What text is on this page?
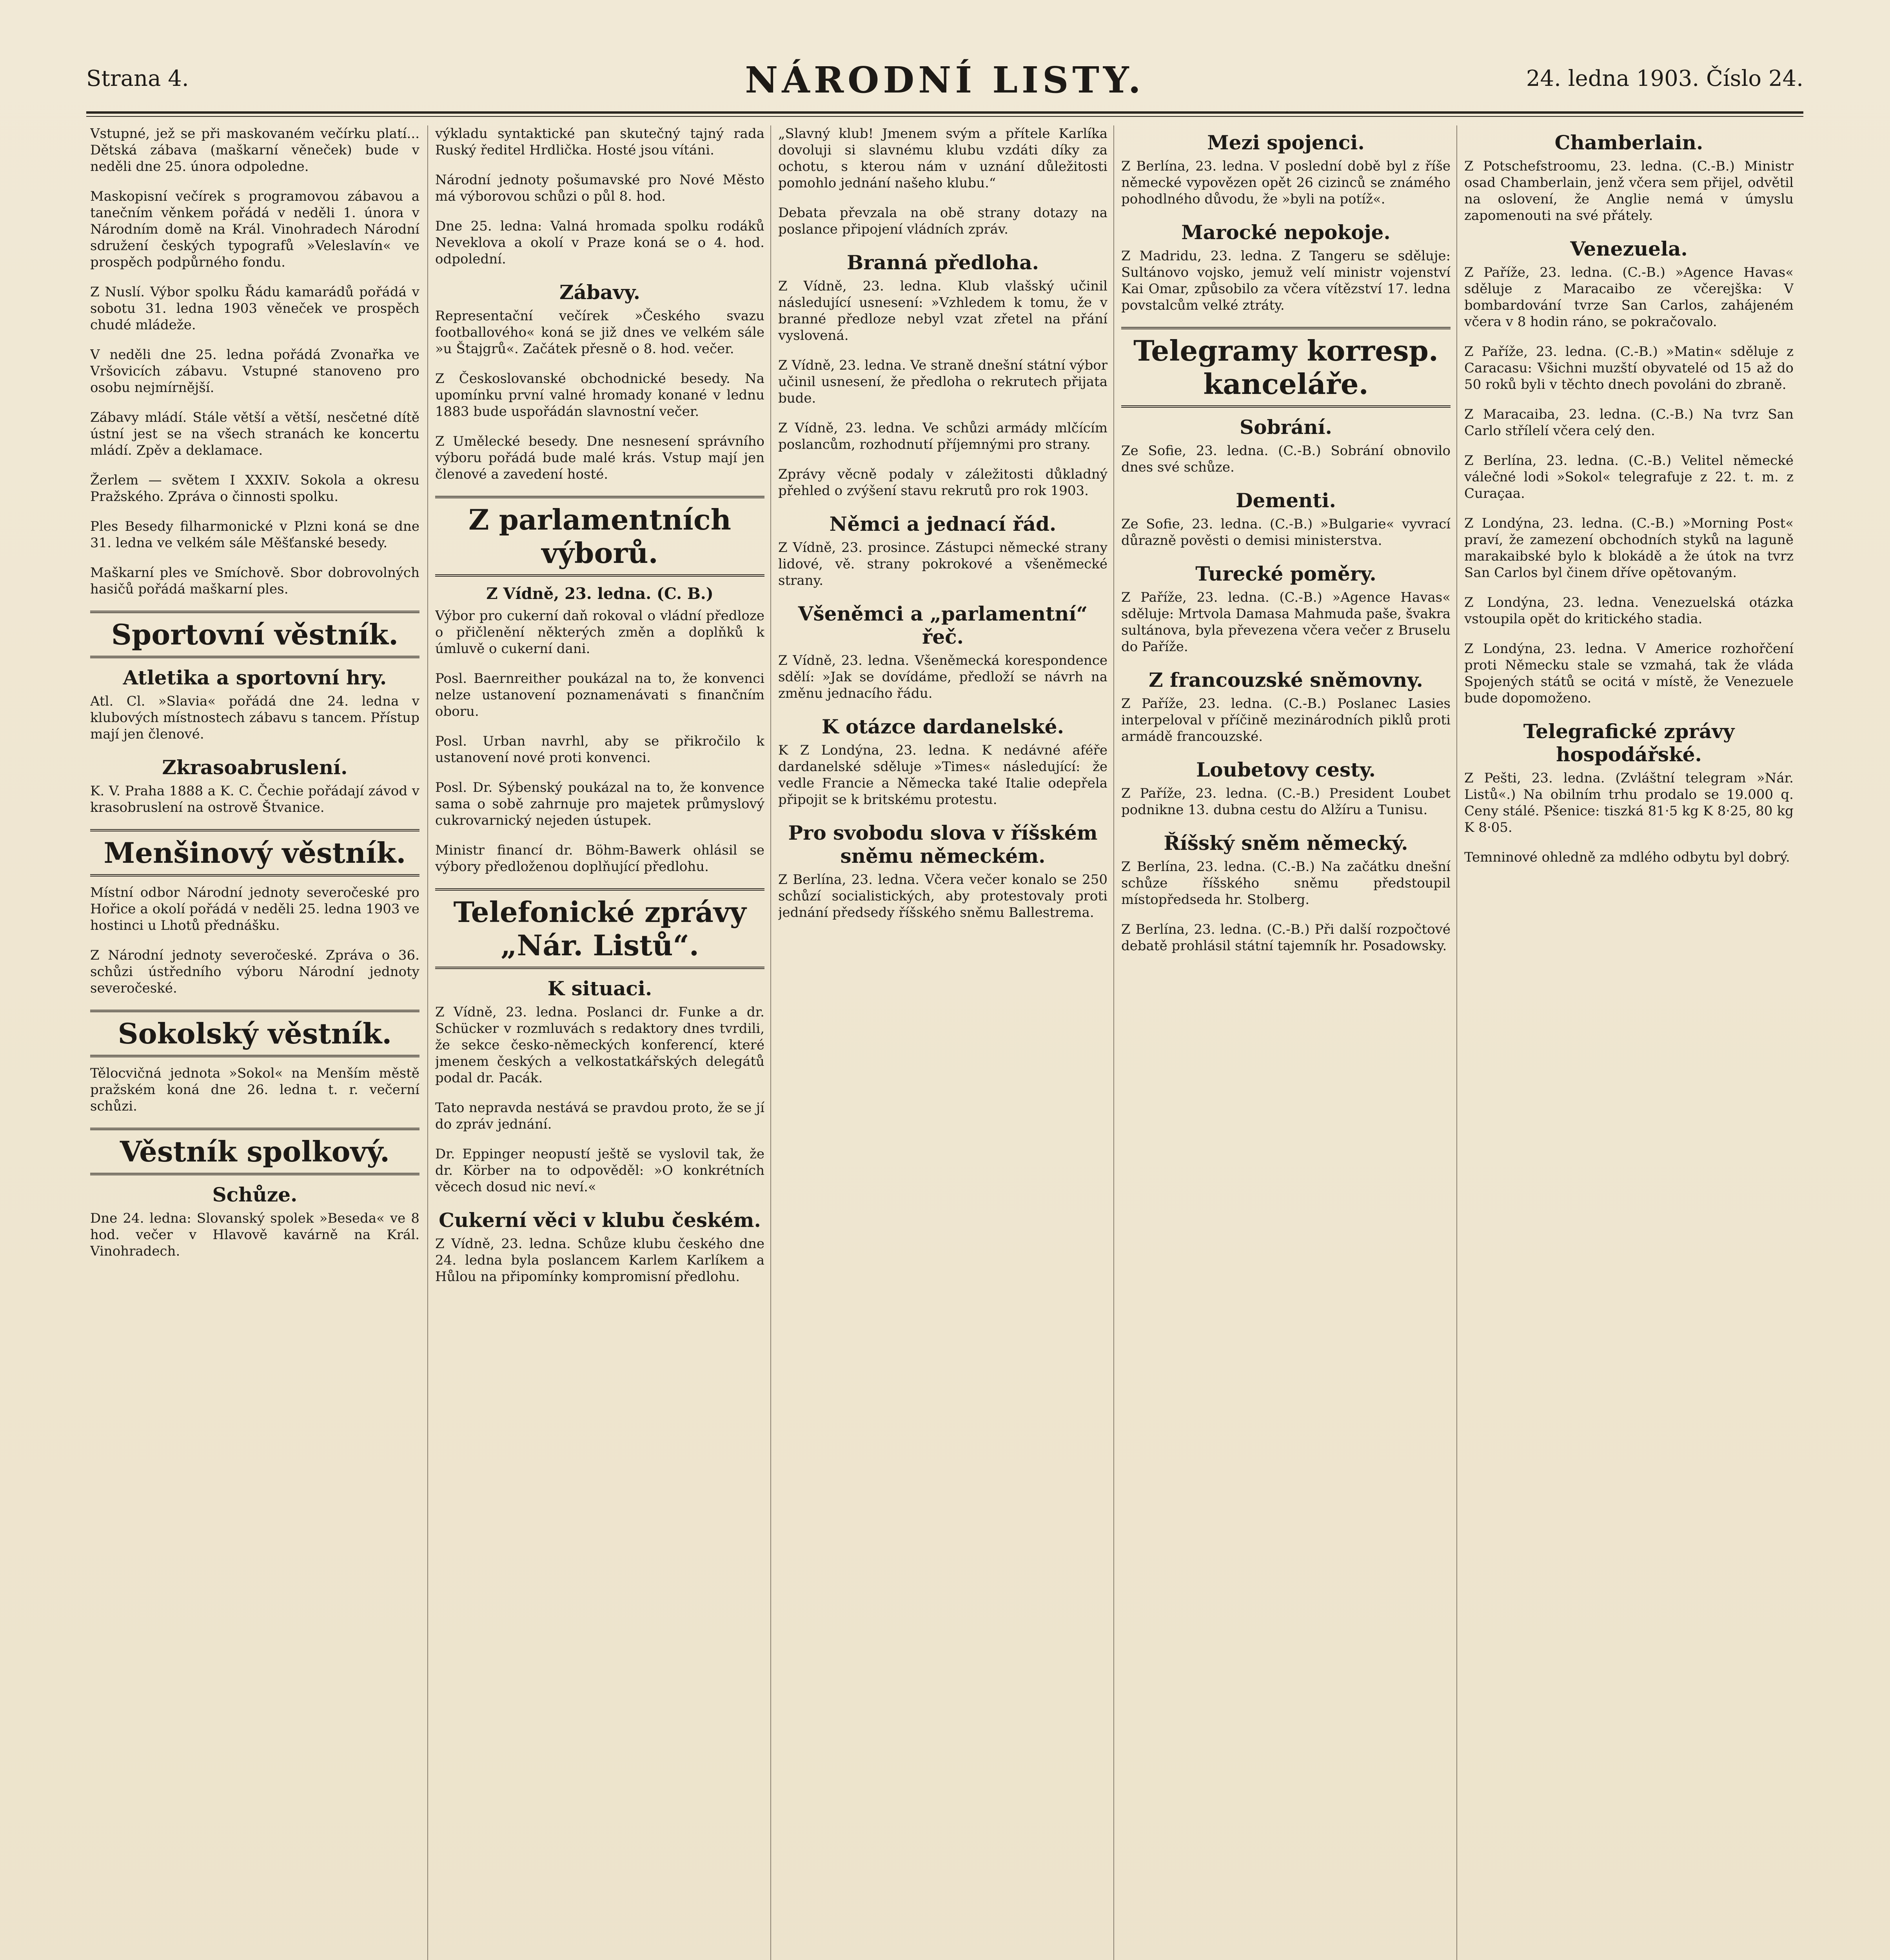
Strana 4.	NÁRODNÍ LISTY.	24. ledna 1903. Číslo 24.
Vstupné, jež se při maskovaném večírku platí... Dětská zábava (maškarní věneček) bude v neděli dne 25. února odpoledne.
Maskopisní večírek s programovou zábavou a tanečním věnkem pořádá v neděli 1. února v Národním domě na Král. Vinohradech Národní sdružení českých typografů »Veleslavín« ve prospěch podpůrného fondu.
Z Nuslí. Výbor spolku Řádu kamarádů pořádá v sobotu 31. ledna 1903 věneček ve prospěch chudé mládeže.
V neděli dne 25. ledna pořádá Zvonařka ve Vršovicích zábavu. Vstupné stanoveno pro osobu nejmírnější.
Zábavy mládí. Stále větší a větší, nesčetné dítě ústní jest se na všech stranách ke koncertu mládí. Zpěv a deklamace.
Žerlem — světem I XXXIV. Sokola a okresu Pražského. Zpráva o činnosti spolku.
Ples Besedy filharmonické v Plzni koná se dne 31. ledna ve velkém sále Měšťanské besedy.
Maškarní ples ve Smíchově. Sbor dobrovolných hasičů pořádá maškarní ples.
Sportovní věstník.
Atletika a sportovní hry.
Atl. Cl. »Slavia« pořádá dne 24. ledna v klubových místnostech zábavu s tancem. Přístup mají jen členové.
Zkrasoabruslení.
K. V. Praha 1888 a K. C. Čechie pořádají závod v krasobruslení na ostrově Štvanice.
Menšinový věstník.
Místní odbor Národní jednoty severočeské pro Hořice a okolí pořádá v neděli 25. ledna 1903 ve hostinci u Lhotů přednášku.
Z Národní jednoty severočeské. Zpráva o 36. schůzi ústředního výboru Národní jednoty severočeské.
Sokolský věstník.
Tělocvičná jednota »Sokol« na Menším městě pražském koná dne 26. ledna t. r. večerní schůzi.
Věstník spolkový.
Schůze.
Dne 24. ledna: Slovanský spolek »Beseda« ve 8 hod. večer v Hlavově kavárně na Král. Vinohradech.
výkladu syntaktické pan skutečný tajný rada Ruský ředitel Hrdlička. Hosté jsou vítáni.
Národní jednoty pošumavské pro Nové Město má výborovou schůzi o půl 8. hod.
Dne 25. ledna: Valná hromada spolku rodáků Neveklova a okolí v Praze koná se o 4. hod. odpolední.
Zábavy.
Representační večírek »Českého svazu footballového« koná se již dnes ve velkém sále »u Štajgrů«. Začátek přesně o 8. hod. večer.
Z Českoslovanské obchodnické besedy. Na upomínku první valné hromady konané v lednu 1883 bude uspořádán slavnostní večer.
Z Umělecké besedy. Dne nesnesení správního výboru pořádá bude malé krás. Vstup mají jen členové a zavedení hosté.
Z parlamentních výborů.
Z Vídně, 23. ledna. (C. B.)
Výbor pro cukerní daň rokoval o vládní předloze o přičlenění některých změn a doplňků k úmluvě o cukerní dani.
Posl. Baernreither poukázal na to, že konvenci nelze ustanovení poznamenávati s finančním oboru.
Posl. Urban navrhl, aby se přikročilo k ustanovení nové proti konvenci.
Posl. Dr. Sýbenský poukázal na to, že konvence sama o sobě zahrnuje pro majetek průmyslový cukrovarnický nejeden ústupek.
Ministr financí dr. Böhm-Bawerk ohlásil se výbory předloženou doplňující předlohu.
Telefonické zprávy „Nár. Listů“.
K situaci.
Z Vídně, 23. ledna. Poslanci dr. Funke a dr. Schücker v rozmluvách s redaktory dnes tvrdili, že sekce česko-německých konferencí, které jmenem českých a velkostatkářských delegátů podal dr. Pacák.
Tato nepravda nestává se pravdou proto, že se jí do zpráv jednání.
Dr. Eppinger neopustí ještě se vyslovil tak, že dr. Körber na to odpověděl: »O konkrétních věcech dosud nic neví.«
Cukerní věci v klubu českém.
Z Vídně, 23. ledna. Schůze klubu českého dne 24. ledna byla poslancem Karlem Karlíkem a Hůlou na připomínky kompromisní předlohu.
„Slavný klub! Jmenem svým a přítele Karlíka dovoluji si slavnému klubu vzdáti díky za ochotu, s kterou nám v uznání důležitosti pomohlo jednání našeho klubu.“
Debata převzala na obě strany dotazy na poslance připojení vládních zpráv.
Branná předloha.
Z Vídně, 23. ledna. Klub vlašský učinil následující usnesení: »Vzhledem k tomu, že v branné předloze nebyl vzat zřetel na přání vyslovená.
Z Vídně, 23. ledna. Ve straně dnešní státní výbor učinil usnesení, že předloha o rekrutech přijata bude.
Z Vídně, 23. ledna. Ve schůzi armády mlčícím poslancům, rozhodnutí příjemnými pro strany.
Zprávy věcně podaly v záležitosti důkladný přehled o zvýšení stavu rekrutů pro rok 1903.
Němci a jednací řád.
Z Vídně, 23. prosince. Zástupci německé strany lidové, vě. strany pokrokové a všeněmecké strany.
Všeněmci a „parlamentní“ řeč.
Z Vídně, 23. ledna. Všeněmecká korespondence sdělí: »Jak se dovídáme, předloží se návrh na změnu jednacího řádu.
K otázce dardanelské.
K Z Londýna, 23. ledna. K nedávné aféře dardanelské sděluje »Times« následující: že vedle Francie a Německa také Italie odepřela připojit se k britskému protestu.
Pro svobodu slova v říšském sněmu německém.
Z Berlína, 23. ledna. Včera večer konalo se 250 schůzí socialistických, aby protestovaly proti jednání předsedy říšského sněmu Ballestrema.
Mezi spojenci.
Z Berlína, 23. ledna. V poslední době byl z říše německé vypovězen opět 26 cizinců se známého pohodlného důvodu, že »byli na potíž«.
Marocké nepokoje.
Z Madridu, 23. ledna. Z Tangeru se sděluje: Sultánovo vojsko, jemuž velí ministr vojenství Kai Omar, způsobilo za včera vítězství 17. ledna povstalcům velké ztráty.
Telegramy korresp. kanceláře.
Sobrání.
Ze Sofie, 23. ledna. (C.-B.) Sobrání obnovilo dnes své schůze.
Dementi.
Ze Sofie, 23. ledna. (C.-B.) »Bulgarie« vyvrací důrazně pověsti o demisi ministerstva.
Turecké poměry.
Z Paříže, 23. ledna. (C.-B.) »Agence Havas« sděluje: Mrtvola Damasa Mahmuda paše, švakra sultánova, byla převezena včera večer z Bruselu do Paříže.
Z francouzské sněmovny.
Z Paříže, 23. ledna. (C.-B.) Poslanec Lasies interpeloval v příčině mezinárodních piklů proti armádě francouzské.
Loubetovy cesty.
Z Paříže, 23. ledna. (C.-B.) President Loubet podnikne 13. dubna cestu do Alžíru a Tunisu.
Říšský sněm německý.
Z Berlína, 23. ledna. (C.-B.) Na začátku dnešní schůze říšského sněmu předstoupil místopředseda hr. Stolberg.
Z Berlína, 23. ledna. (C.-B.) Při další rozpočtové debatě prohlásil státní tajemník hr. Posadowsky.
Chamberlain.
Z Potschefstroomu, 23. ledna. (C.-B.) Ministr osad Chamberlain, jenž včera sem přijel, odvětil na oslovení, že Anglie nemá v úmyslu zapomenouti na své přátely.
Venezuela.
Z Paříže, 23. ledna. (C.-B.) »Agence Havas« sděluje z Maracaibo ze včerejška: V bombardování tvrze San Carlos, zahájeném včera v 8 hodin ráno, se pokračovalo.
Z Paříže, 23. ledna. (C.-B.) »Matin« sděluje z Caracasu: Všichni muzští obyvatelé od 15 až do 50 roků byli v těchto dnech povoláni do zbraně.
Z Maracaiba, 23. ledna. (C.-B.) Na tvrz San Carlo střílelí včera celý den.
Z Berlína, 23. ledna. (C.-B.) Velitel německé válečné lodi »Sokol« telegrafuje z 22. t. m. z Curaçaa.
Z Londýna, 23. ledna. (C.-B.) »Morning Post« praví, že zamezení obchodních styků na laguně marakaibské bylo k blokádě a že útok na tvrz San Carlos byl činem dříve opětovaným.
Z Londýna, 23. ledna. Venezuelská otázka vstoupila opět do kritického stadia.
Z Londýna, 23. ledna. V Americe rozhořčení proti Německu stale se vzmahá, tak že vláda Spojených států se ocitá v místě, že Venezuele bude dopomoženo.
Telegrafické zprávy hospodářské.
Z Pešti, 23. ledna. (Zvláštní telegram »Nár. Listů«.) Na obilním trhu prodalo se 19.000 q. Ceny stálé. Pšenice: tiszká 81·5 kg K 8·25, 80 kg K 8·05.
Temninové ohledně za mdlého odbytu byl dobrý.
